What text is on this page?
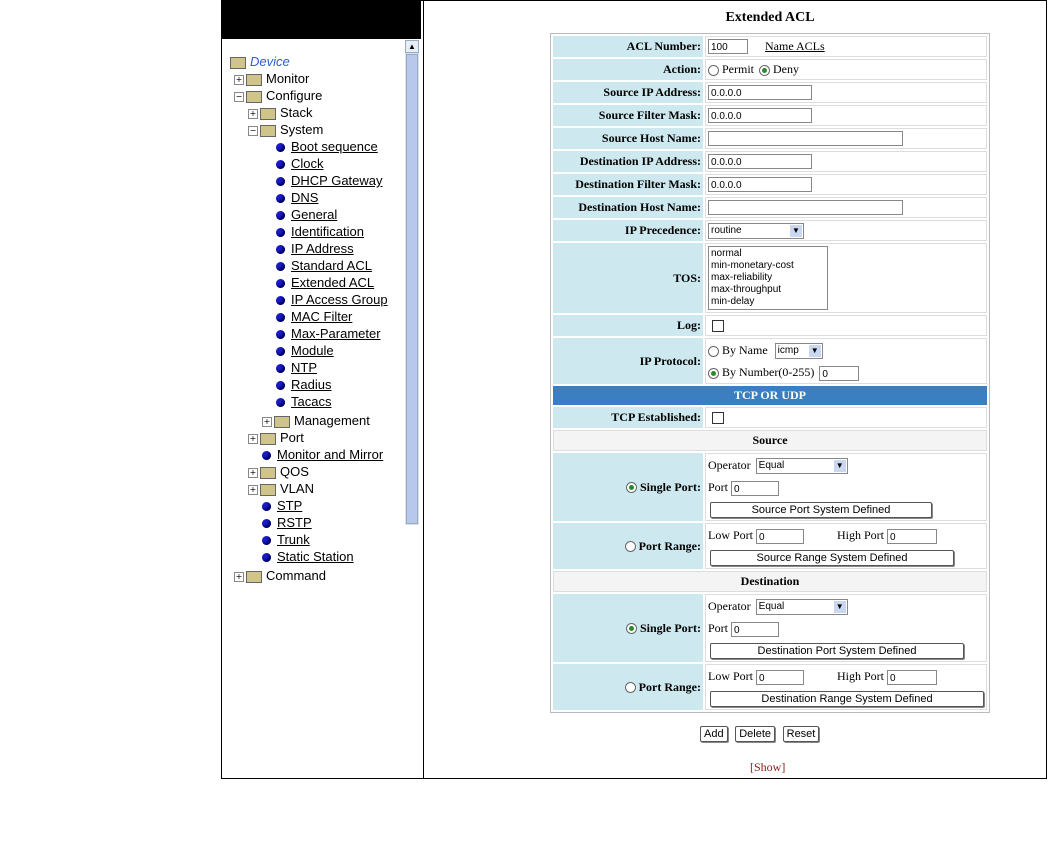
Device
+ Monitor
− Configure
+ Stack
− System
Boot sequence
Clock
DHCP Gateway
DNS
General
Identification
IP Address
Standard ACL
Extended ACL
IP Access Group
MAC Filter
Max-Parameter
Module
NTP
Radius
Tacacs
+ Management
+ Port
Monitor and Mirror
+ QOS
+ VLAN
STP
RSTP
Trunk
Static Station
+ Command
▲
Extended ACL
ACL Number:	100 Name ACLs
Action:	Permit Deny
Source IP Address:	0.0.0.0
Source Filter Mask:	0.0.0.0
Source Host Name:	
Destination IP Address:	0.0.0.0
Destination Filter Mask:	0.0.0.0
Destination Host Name:	
IP Precedence:	routine ▼

TOS:	normal
min-monetary-cost
max-reliability
max-throughput
min-delay

Log:	
IP Protocol:	By Name icmp ▼
By Number(0-255) 0

TCP OR UDP	
TCP Established:	
Source	
Single Port:	Operator Equal ▼
Port 0
Source Port System Defined

Port Range:	Low Port 0 High Port 0
Source Range System Defined

Destination	
Single Port:	Operator Equal ▼
Port 0
Destination Port System Defined

Port Range:	Low Port 0 High Port 0
Destination Range System Defined
Add Delete Reset
[Show]
